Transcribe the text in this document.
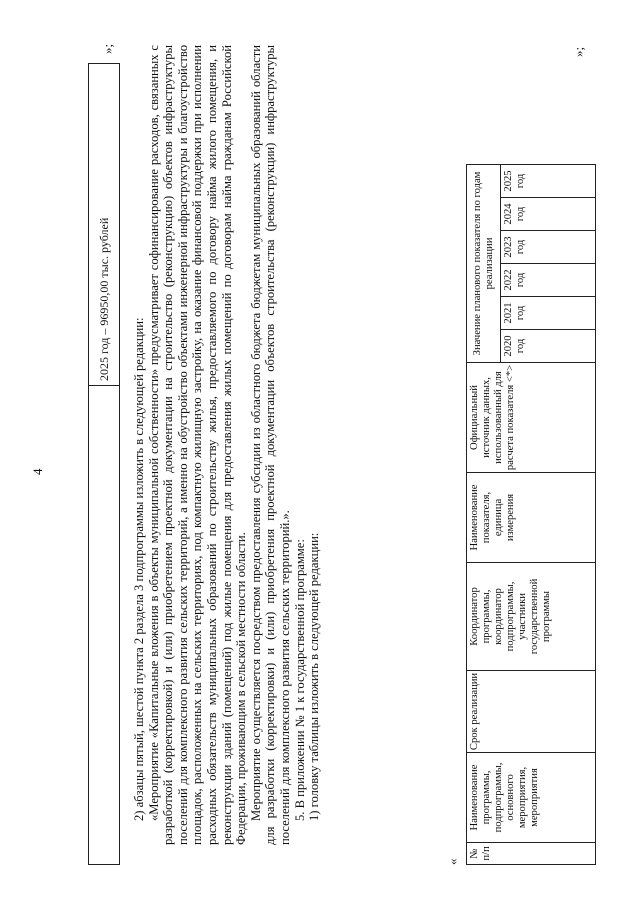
4
	2025 год – 96950,00 тыс. рублей
»;

2) абзацы пятый, шестой пункта 2 раздела 3 подпрограммы изложить в следующей редакции: «Мероприятие «Капитальные вложения в объекты муниципальной собственности» предусматривает софинансирование расходов, связанных с разработкой (корректировкой) и (или) приобретением проектной документации на строительство (реконструкцию) объектов инфраструктуры поселений для комплексного развития сельских территорий, а именно на обустройство объектами инженерной инфраструктуры и благоустройство площадок, расположенных на сельских территориях, под компактную жилищную застройку, на оказание финансовой поддержки при исполнении расходных обязательств муниципальных образований по строительству жилья, предоставляемого по договору найма жилого помещения, и реконструкции зданий (помещений) под жилые помещения для предоставления жилых помещений по договорам найма гражданам Российской Федерации, проживающим в сельской местности области. Мероприятие осуществляется посредством предоставления субсидии из областного бюджета бюджетам муниципальных образований области для разработки (корректировки) и (или) приобретения проектной документации объектов строительства (реконструкции) инфраструктуры поселений для комплексного развития сельских территорий.». 5. В приложении № 1 к государственной программе: 1) головку таблицы изложить в следующей редакции:

«
№ п/п	Наименование программы, подпрограммы, основного мероприятия, мероприятия	Срок реализации	Координатор программы, координатор подпрограммы, участники государственной программы	Наименование показателя, единица измерения	Официальный источник данных, использованный для расчета показателя <*>	Значение планового показателя по годам реализации						
						2020 год	2021 год	2022 год	2023 год	2024 год	2025 год	
»;
